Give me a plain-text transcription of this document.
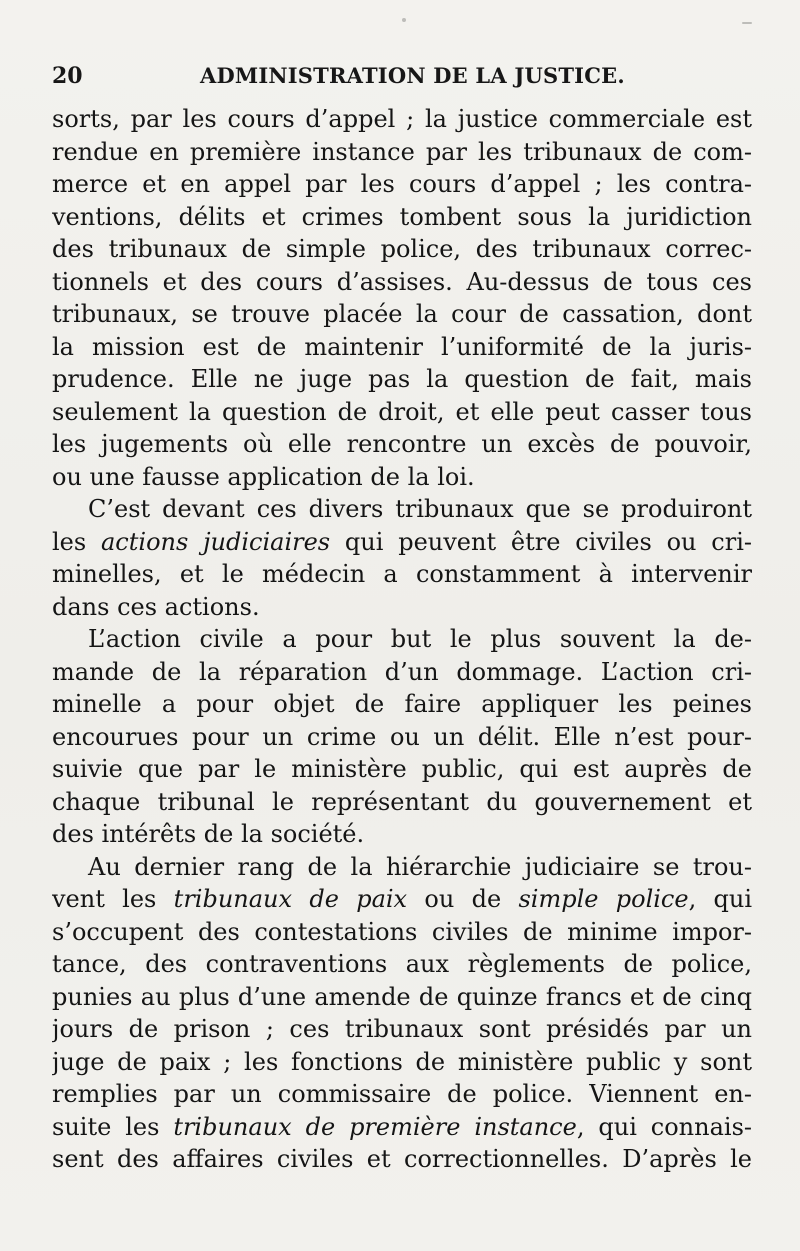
20	ADMINISTRATION DE LA JUSTICE.
sorts, par les cours d’appel ; la justice commerciale est
rendue en première instance par les tribunaux de com-
merce et en appel par les cours d’appel ; les contra-
ventions, délits et crimes tombent sous la juridiction
des tribunaux de simple police, des tribunaux correc-
tionnels et des cours d’assises. Au-dessus de tous ces
tribunaux, se trouve placée la cour de cassation, dont
la mission est de maintenir l’uniformité de la juris-
prudence. Elle ne juge pas la question de fait, mais
seulement la question de droit, et elle peut casser tous
les jugements où elle rencontre un excès de pouvoir,
ou une fausse application de la loi.
C’est devant ces divers tribunaux que se produiront
les actions judiciaires qui peuvent être civiles ou cri-
minelles, et le médecin a constamment à intervenir
dans ces actions.
L’action civile a pour but le plus souvent la de-
mande de la réparation d’un dommage. L’action cri-
minelle a pour objet de faire appliquer les peines
encourues pour un crime ou un délit. Elle n’est pour-
suivie que par le ministère public, qui est auprès de
chaque tribunal le représentant du gouvernement et
des intérêts de la société.
Au dernier rang de la hiérarchie judiciaire se trou-
vent les tribunaux de paix ou de simple police, qui
s’occupent des contestations civiles de minime impor-
tance, des contraventions aux règlements de police,
punies au plus d’une amende de quinze francs et de cinq
jours de prison ; ces tribunaux sont présidés par un
juge de paix ; les fonctions de ministère public y sont
remplies par un commissaire de police. Viennent en-
suite les tribunaux de première instance, qui connais-
sent des affaires civiles et correctionnelles. D’après le
